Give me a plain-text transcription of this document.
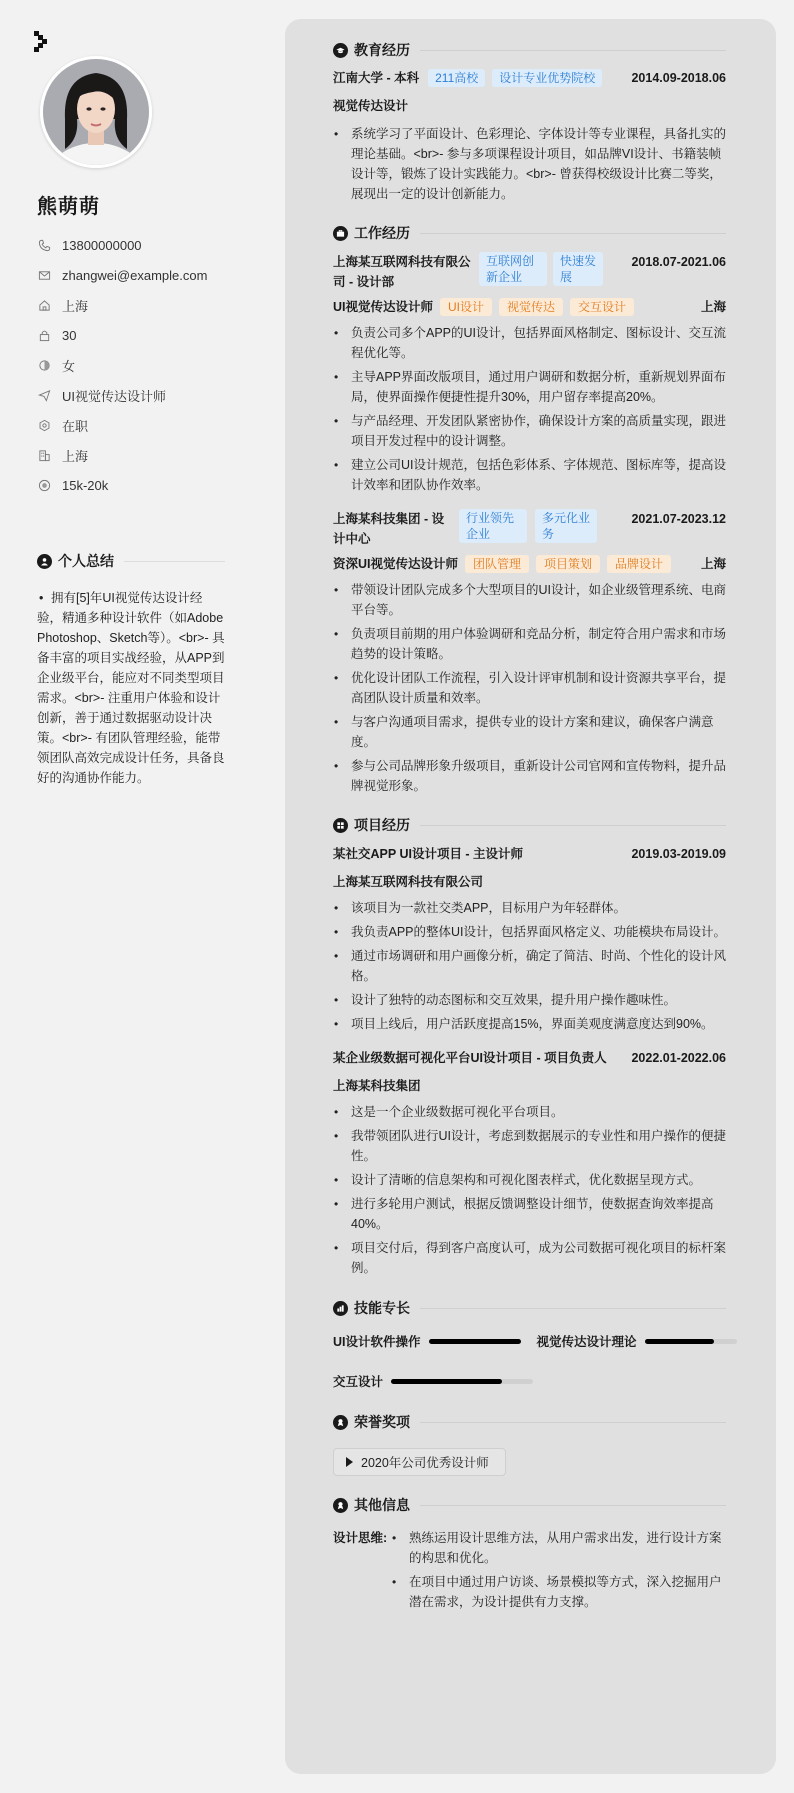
熊萌萌
13800000000
zhangwei@example.com
上海
30
女
UI视觉传达设计师
在职
上海
15k-20k
个人总结
• 拥有[5]年UI视觉传达设计经验，精通多种设计软件（如Adobe Photoshop、Sketch等）。<br>- 具备丰富的项目实战经验，从APP到企业级平台，能应对不同类型项目需求。<br>- 注重用户体验和设计创新，善于通过数据驱动设计决策。<br>- 有团队管理经验，能带领团队高效完成设计任务，具备良好的沟通协作能力。
教育经历
江南大学 - 本科	211高校	设计专业优势院校	2014.09-2018.06
视觉传达设计
• 系统学习了平面设计、色彩理论、字体设计等专业课程，具备扎实的理论基础。<br>- 参与多项课程设计项目，如品牌VI设计、书籍装帧设计等，锻炼了设计实践能力。<br>- 曾获得校级设计比赛二等奖，展现出一定的设计创新能力。
工作经历
上海某互联网科技有限公司 - 设计部
互联网创新企业
快速发展
2018.07-2021.06
UI视觉传达设计师	UI设计	视觉传达	交互设计	上海
• 负责公司多个APP的UI设计，包括界面风格制定、图标设计、交互流程优化等。
• 主导APP界面改版项目，通过用户调研和数据分析，重新规划界面布局，使界面操作便捷性提升30%，用户留存率提高20%。
• 与产品经理、开发团队紧密协作，确保设计方案的高质量实现，跟进项目开发过程中的设计调整。
• 建立公司UI设计规范，包括色彩体系、字体规范、图标库等，提高设计效率和团队协作效率。
上海某科技集团 - 设计中心
行业领先企业
多元化业务
2021.07-2023.12
资深UI视觉传达设计师	团队管理	项目策划	品牌设计	上海
• 带领设计团队完成多个大型项目的UI设计，如企业级管理系统、电商平台等。
• 负责项目前期的用户体验调研和竞品分析，制定符合用户需求和市场趋势的设计策略。
• 优化设计团队工作流程，引入设计评审机制和设计资源共享平台，提高团队设计质量和效率。
• 与客户沟通项目需求，提供专业的设计方案和建议，确保客户满意度。
• 参与公司品牌形象升级项目，重新设计公司官网和宣传物料，提升品牌视觉形象。
项目经历
某社交APP UI设计项目 - 主设计师	2019.03-2019.09
上海某互联网科技有限公司
• 该项目为一款社交类APP，目标用户为年轻群体。
• 我负责APP的整体UI设计，包括界面风格定义、功能模块布局设计。
• 通过市场调研和用户画像分析，确定了简洁、时尚、个性化的设计风格。
• 设计了独特的动态图标和交互效果，提升用户操作趣味性。
• 项目上线后，用户活跃度提高15%，界面美观度满意度达到90%。
某企业级数据可视化平台UI设计项目 - 项目负责人 2022.01-2022.06
上海某科技集团
• 这是一个企业级数据可视化平台项目。
• 我带领团队进行UI设计，考虑到数据展示的专业性和用户操作的便捷性。
• 设计了清晰的信息架构和可视化图表样式，优化数据呈现方式。
• 进行多轮用户测试，根据反馈调整设计细节，使数据查询效率提高40%。
• 项目交付后，得到客户高度认可，成为公司数据可视化项目的标杆案例。
技能专长
UI设计软件操作	视觉传达设计理论
交互设计
荣誉奖项
2020年公司优秀设计师
其他信息
设计思维:
•	熟练运用设计思维方法，从用户需求出发，进行设计方案的构思和优化。
• 在项目中通过用户访谈、场景模拟等方式，深入挖掘用户潜在需求，为设计提供有力支撑。
